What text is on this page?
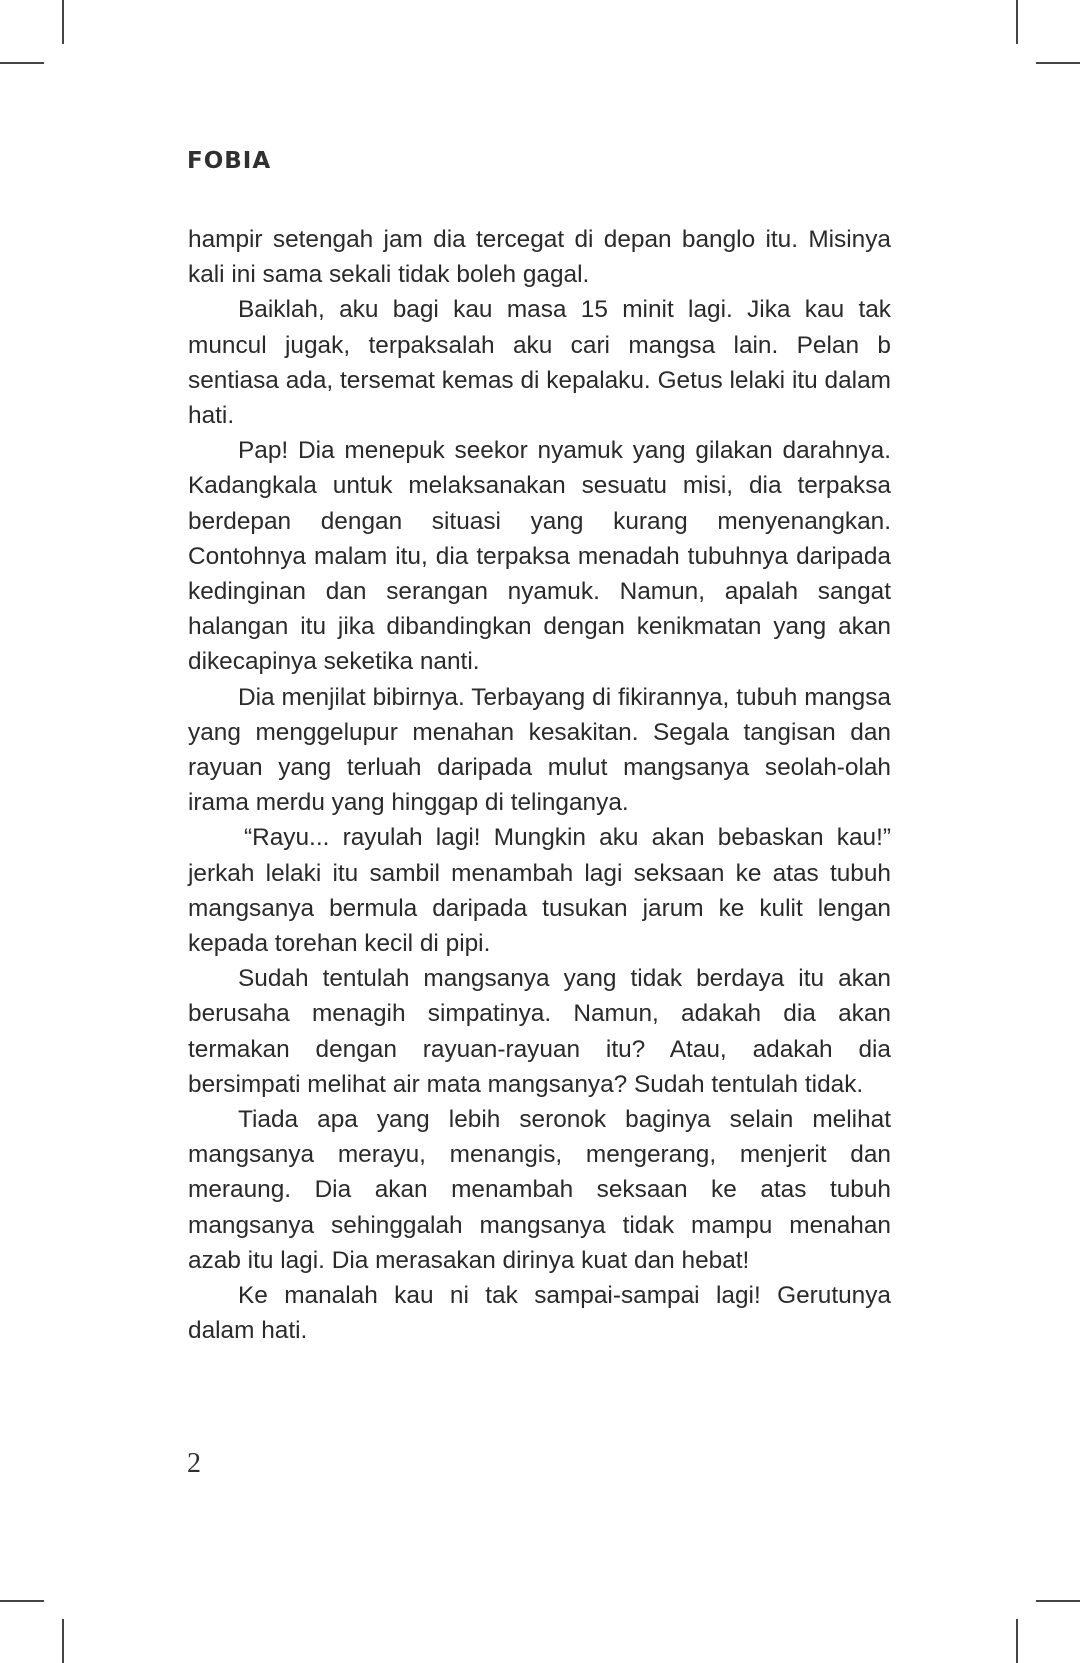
FOBIA

hampir setengah jam dia tercegat di depan banglo itu. Misinya kali ini sama sekali tidak boleh gagal.

Baiklah, aku bagi kau masa 15 minit lagi. Jika kau tak muncul jugak, terpaksalah aku cari mangsa lain. Pelan b sentiasa ada, tersemat kemas di kepalaku. Getus lelaki itu dalam hati.

Pap! Dia menepuk seekor nyamuk yang gilakan darahnya. Kadangkala untuk melaksanakan sesuatu misi, dia terpaksa berdepan dengan situasi yang kurang menyenangkan. Contohnya malam itu, dia terpaksa menadah tubuhnya daripada kedinginan dan serangan nyamuk. Namun, apalah sangat halangan itu jika dibandingkan dengan kenikmatan yang akan dikecapinya seketika nanti.

Dia menjilat bibirnya. Terbayang di fikirannya, tubuh mangsa yang menggelupur menahan kesakitan. Segala tangisan dan rayuan yang terluah daripada mulut mangsanya seolah-olah irama merdu yang hinggap di telinganya.

“Rayu... rayulah lagi! Mungkin aku akan bebaskan kau!” jerkah lelaki itu sambil menambah lagi seksaan ke atas tubuh mangsanya bermula daripada tusukan jarum ke kulit lengan kepada torehan kecil di pipi.

Sudah tentulah mangsanya yang tidak berdaya itu akan berusaha menagih simpatinya. Namun, adakah dia akan termakan dengan rayuan-rayuan itu? Atau, adakah dia bersimpati melihat air mata mangsanya? Sudah tentulah tidak.

Tiada apa yang lebih seronok baginya selain melihat mangsanya merayu, menangis, mengerang, menjerit dan meraung. Dia akan menambah seksaan ke atas tubuh mangsanya sehinggalah mangsanya tidak mampu menahan azab itu lagi. Dia merasakan dirinya kuat dan hebat!

Ke manalah kau ni tak sampai-sampai lagi! Gerutunya dalam hati.

2
